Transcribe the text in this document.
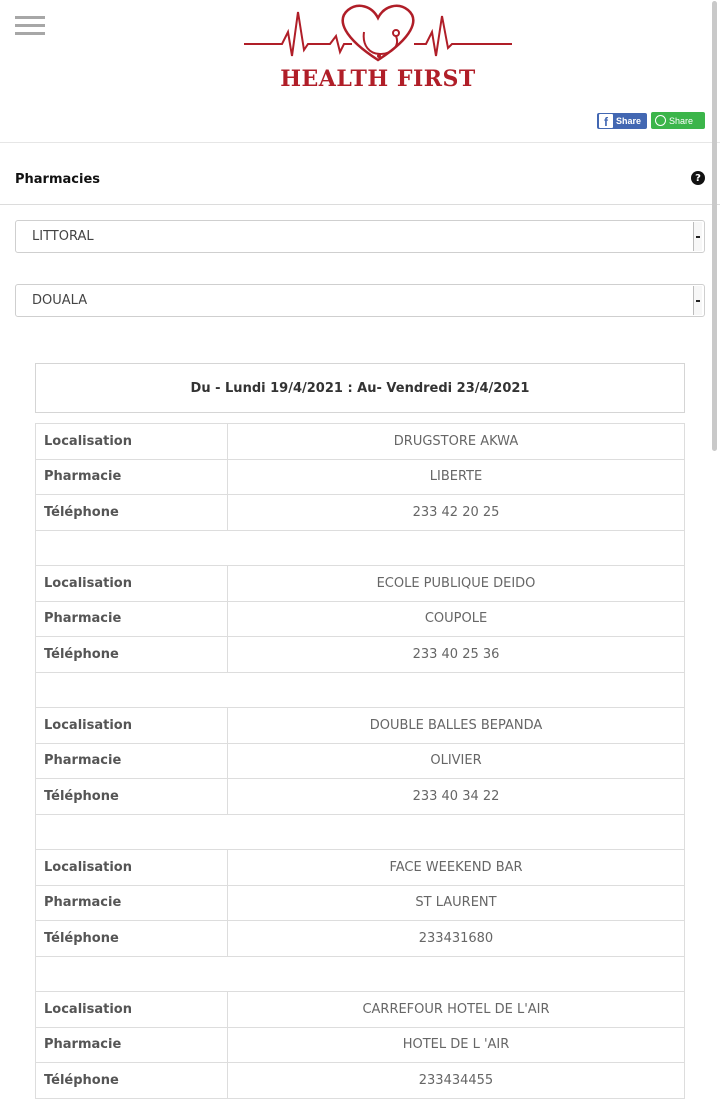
HEALTH FIRST
f Share	Share
Pharmacies	?
LITTORAL
DOUALA
Du - Lundi 19/4/2021 : Au- Vendredi 23/4/2021
Localisation	DRUGSTORE AKWA
Pharmacie	LIBERTE
Téléphone	233 42 20 25

Localisation	ECOLE PUBLIQUE DEIDO
Pharmacie	COUPOLE
Téléphone	233 40 25 36

Localisation	DOUBLE BALLES BEPANDA
Pharmacie	OLIVIER
Téléphone	233 40 34 22

Localisation	FACE WEEKEND BAR
Pharmacie	ST LAURENT
Téléphone	233431680

Localisation	CARREFOUR HOTEL DE L'AIR
Pharmacie	HOTEL DE L 'AIR
Téléphone	233434455
